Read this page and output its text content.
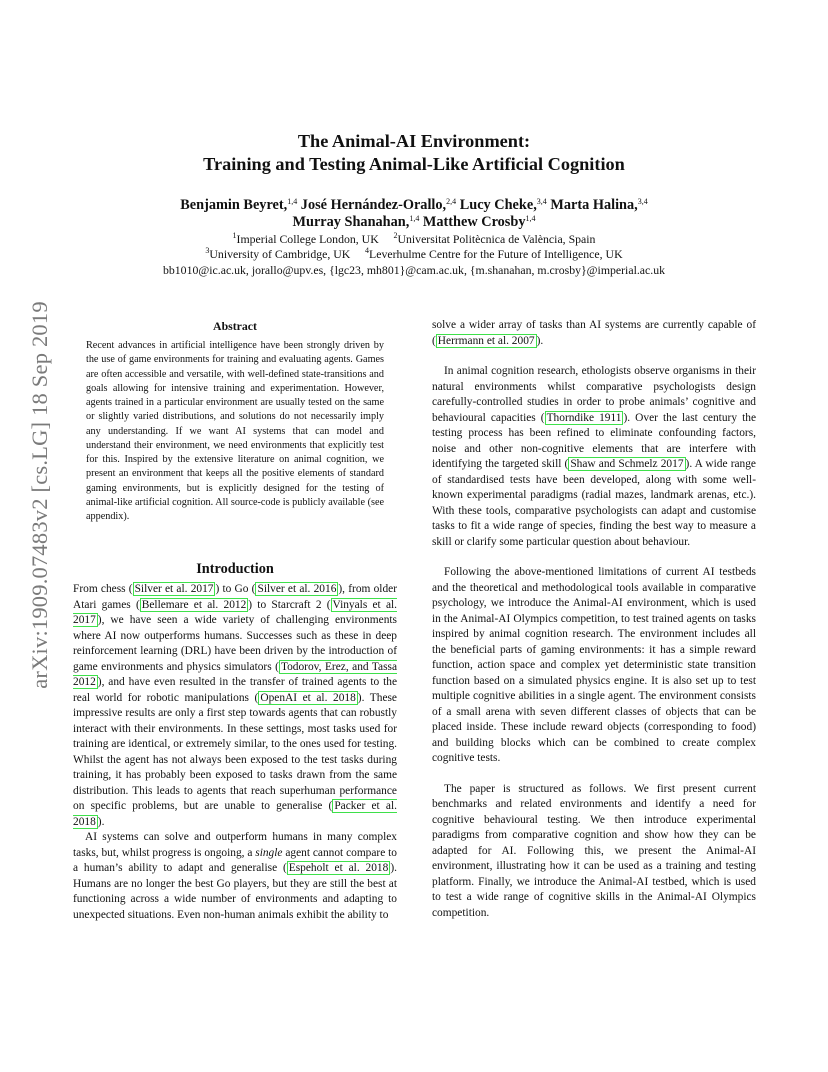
arXiv:1909.07483v2 [cs.LG] 18 Sep 2019
The Animal-AI Environment:
Training and Testing Animal-Like Artificial Cognition
Benjamin Beyret,$^{1,4}$ José Hernández-Orallo,$^{2,4}$ Lucy Cheke,$^{3,4}$ Marta Halina,$^{3,4}$
Murray Shanahan,$^{1,4}$ Matthew Crosby$^{1,4}$
$^1$Imperial College London, UK $^2$Universitat Politècnica de València, Spain
$^3$University of Cambridge, UK $^4$Leverhulme Centre for the Future of Intelligence, UK
bb1010@ic.ac.uk, jorallo@upv.es, {lgc23, mh801}@cam.ac.uk, {m.shanahan, m.crosby}@imperial.ac.uk
Abstract
Recent advances in artificial intelligence have been strongly driven by the use of game environments for training and evaluating agents. Games are often accessible and versatile, with well-defined state-transitions and goals allowing for intensive training and experimentation. However, agents trained in a particular environment are usually tested on the same or slightly varied distributions, and solutions do not necessarily imply any understanding. If we want AI systems that can model and understand their environment, we need environments that explicitly test for this. Inspired by the extensive literature on animal cognition, we present an environment that keeps all the positive elements of standard gaming environments, but is explicitly designed for the testing of animal-like artificial cognition. All source-code is publicly available (see appendix).
Introduction

From chess ( Silver et al. 2017 ) to Go ( Silver et al. 2016 ), from older Atari games ( Bellemare et al. 2012 ) to Starcraft 2 ( Vinyals et al. 2017 ), we have seen a wide variety of challenging environments where AI now outperforms humans. Successes such as these in deep reinforcement learning (DRL) have been driven by the introduction of game environments and physics simulators ( Todorov, Erez, and Tassa 2012 ), and have even resulted in the transfer of trained agents to the real world for robotic manipulations ( OpenAI et al. 2018 ). These impressive results are only a first step towards agents that can robustly interact with their environments. In these settings, most tasks used for training are identical, or extremely similar, to the ones used for testing. Whilst the agent has not always been exposed to the test tasks during training, it has probably been exposed to tasks drawn from the same distribution. This leads to agents that reach superhuman performance on specific problems, but are unable to generalise ( Packer et al. 2018 ).

AI systems can solve and outperform humans in many complex tasks, but, whilst progress is ongoing, a single agent cannot compare to a human’s ability to adapt and generalise ( Espeholt et al. 2018 ). Humans are no longer the best Go players, but they are still the best at functioning across a wide number of environments and adapting to unexpected situations. Even non-human animals exhibit the ability to

solve a wider array of tasks than AI systems are currently capable of ( Herrmann et al. 2007 ).

In animal cognition research, ethologists observe organisms in their natural environments whilst comparative psychologists design carefully-controlled studies in order to probe animals’ cognitive and behavioural capacities ( Thorndike 1911 ). Over the last century the testing process has been refined to eliminate confounding factors, noise and other non-cognitive elements that are interfere with identifying the targeted skill ( Shaw and Schmelz 2017 ). A wide range of standardised tests have been developed, along with some well-known experimental paradigms (radial mazes, landmark arenas, etc.). With these tools, comparative psychologists can adapt and customise tasks to fit a wide range of species, finding the best way to measure a skill or clarify some particular question about behaviour.

Following the above-mentioned limitations of current AI testbeds and the theoretical and methodological tools available in comparative psychology, we introduce the Animal-AI environment, which is used in the Animal-AI Olympics competition, to test trained agents on tasks inspired by animal cognition research. The environment includes all the beneficial parts of gaming environments: it has a simple reward function, action space and complex yet deterministic state transition function based on a simulated physics engine. It is also set up to test multiple cognitive abilities in a single agent. The environment consists of a small arena with seven different classes of objects that can be placed inside. These include reward objects (corresponding to food) and building blocks which can be combined to create complex cognitive tests.

The paper is structured as follows. We first present current benchmarks and related environments and identify a need for cognitive behavioural testing. We then introduce experimental paradigms from comparative cognition and show how they can be adapted for AI. Following this, we present the Animal-AI environment, illustrating how it can be used as a training and testing platform. Finally, we introduce the Animal-AI testbed, which is used to test a wide range of cognitive skills in the Animal-AI Olympics competition.
